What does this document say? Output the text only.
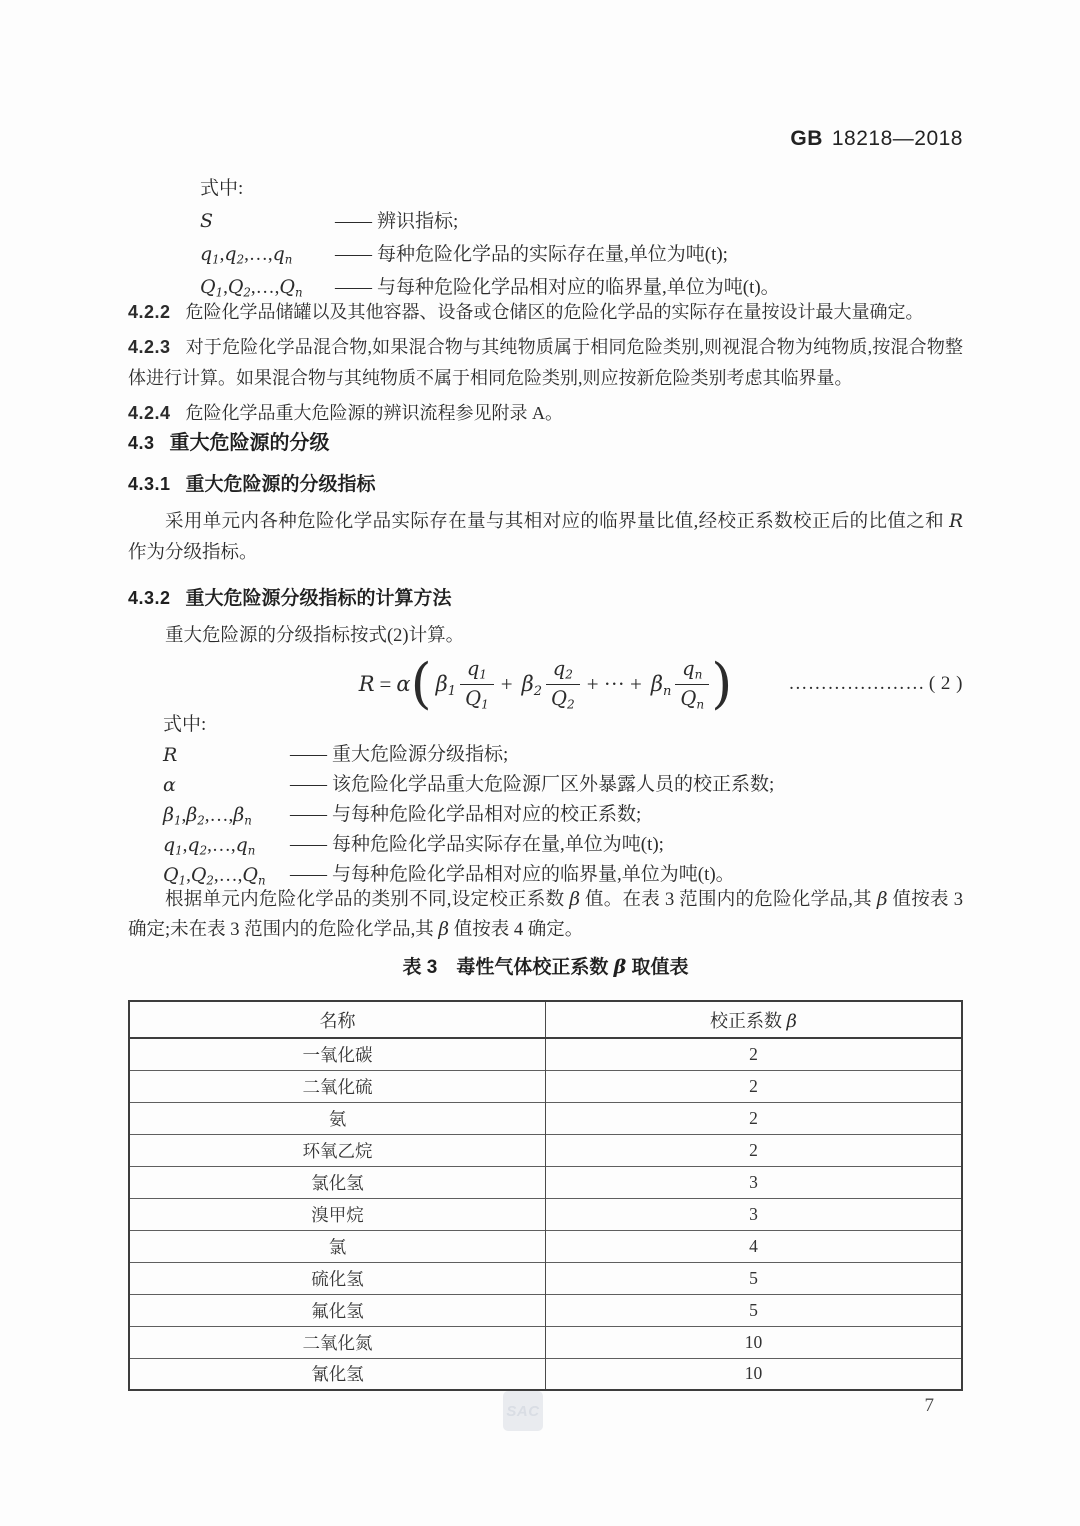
GB 18218—2018
式中:
S	—— 辨识指标;
$q_1,q_2,\dots,q_n$	—— 每种危险化学品的实际存在量,单位为吨(t);
$Q_1,Q_2,\dots,Q_n$	—— 与每种危险化学品相对应的临界量,单位为吨(t)。
4.2.2 危险化学品储罐以及其他容器、设备或仓储区的危险化学品的实际存在量按设计最大量确定。
4.2.3 对于危险化学品混合物,如果混合物与其纯物质属于相同危险类别,则视混合物为纯物质,按混合物整体进行计算。如果混合物与其纯物质不属于相同危险类别,则应按新危险类别考虑其临界量。
4.2.4 危险化学品重大危险源的辨识流程参见附录 A。
4.3 重大危险源的分级
4.3.1 重大危险源的分级指标

采用单元内各种危险化学品实际存在量与其相对应的临界量比值,经校正系数校正后的比值之和 R 作为分级指标。

4.3.2 重大危险源分级指标的计算方法

重大危险源的分级指标按式(2)计算。

R = α ( $\beta_1 \frac{q_1}{Q_1} + \beta_2 \frac{q_2}{Q_2}$ + ··· + $\beta_n \frac{q_n}{Q_n}$ )	………………… ( 2 )
式中:
R	—— 重大危险源分级指标;
α	—— 该危险化学品重大危险源厂区外暴露人员的校正系数;
$\beta_1,\beta_2,\dots,\beta_n$	—— 与每种危险化学品相对应的校正系数;
$q_1,q_2,\dots,q_n$	—— 每种危险化学品实际存在量,单位为吨(t);
$Q_1,Q_2,\dots,Q_n$	—— 与每种危险化学品相对应的临界量,单位为吨(t)。

根据单元内危险化学品的类别不同,设定校正系数 β 值。在表 3 范围内的危险化学品,其 β 值按表 3 确定;未在表 3 范围内的危险化学品,其 β 值按表 4 确定。

表 3　毒性气体校正系数 β 取值表
名称	校正系数 β
一氧化碳	2
二氧化硫	2
氨	2
环氧乙烷	2
氯化氢	3
溴甲烷	3
氯	4
硫化氢	5
氟化氢	5
二氧化氮	10
氰化氢	10
SAC	7
